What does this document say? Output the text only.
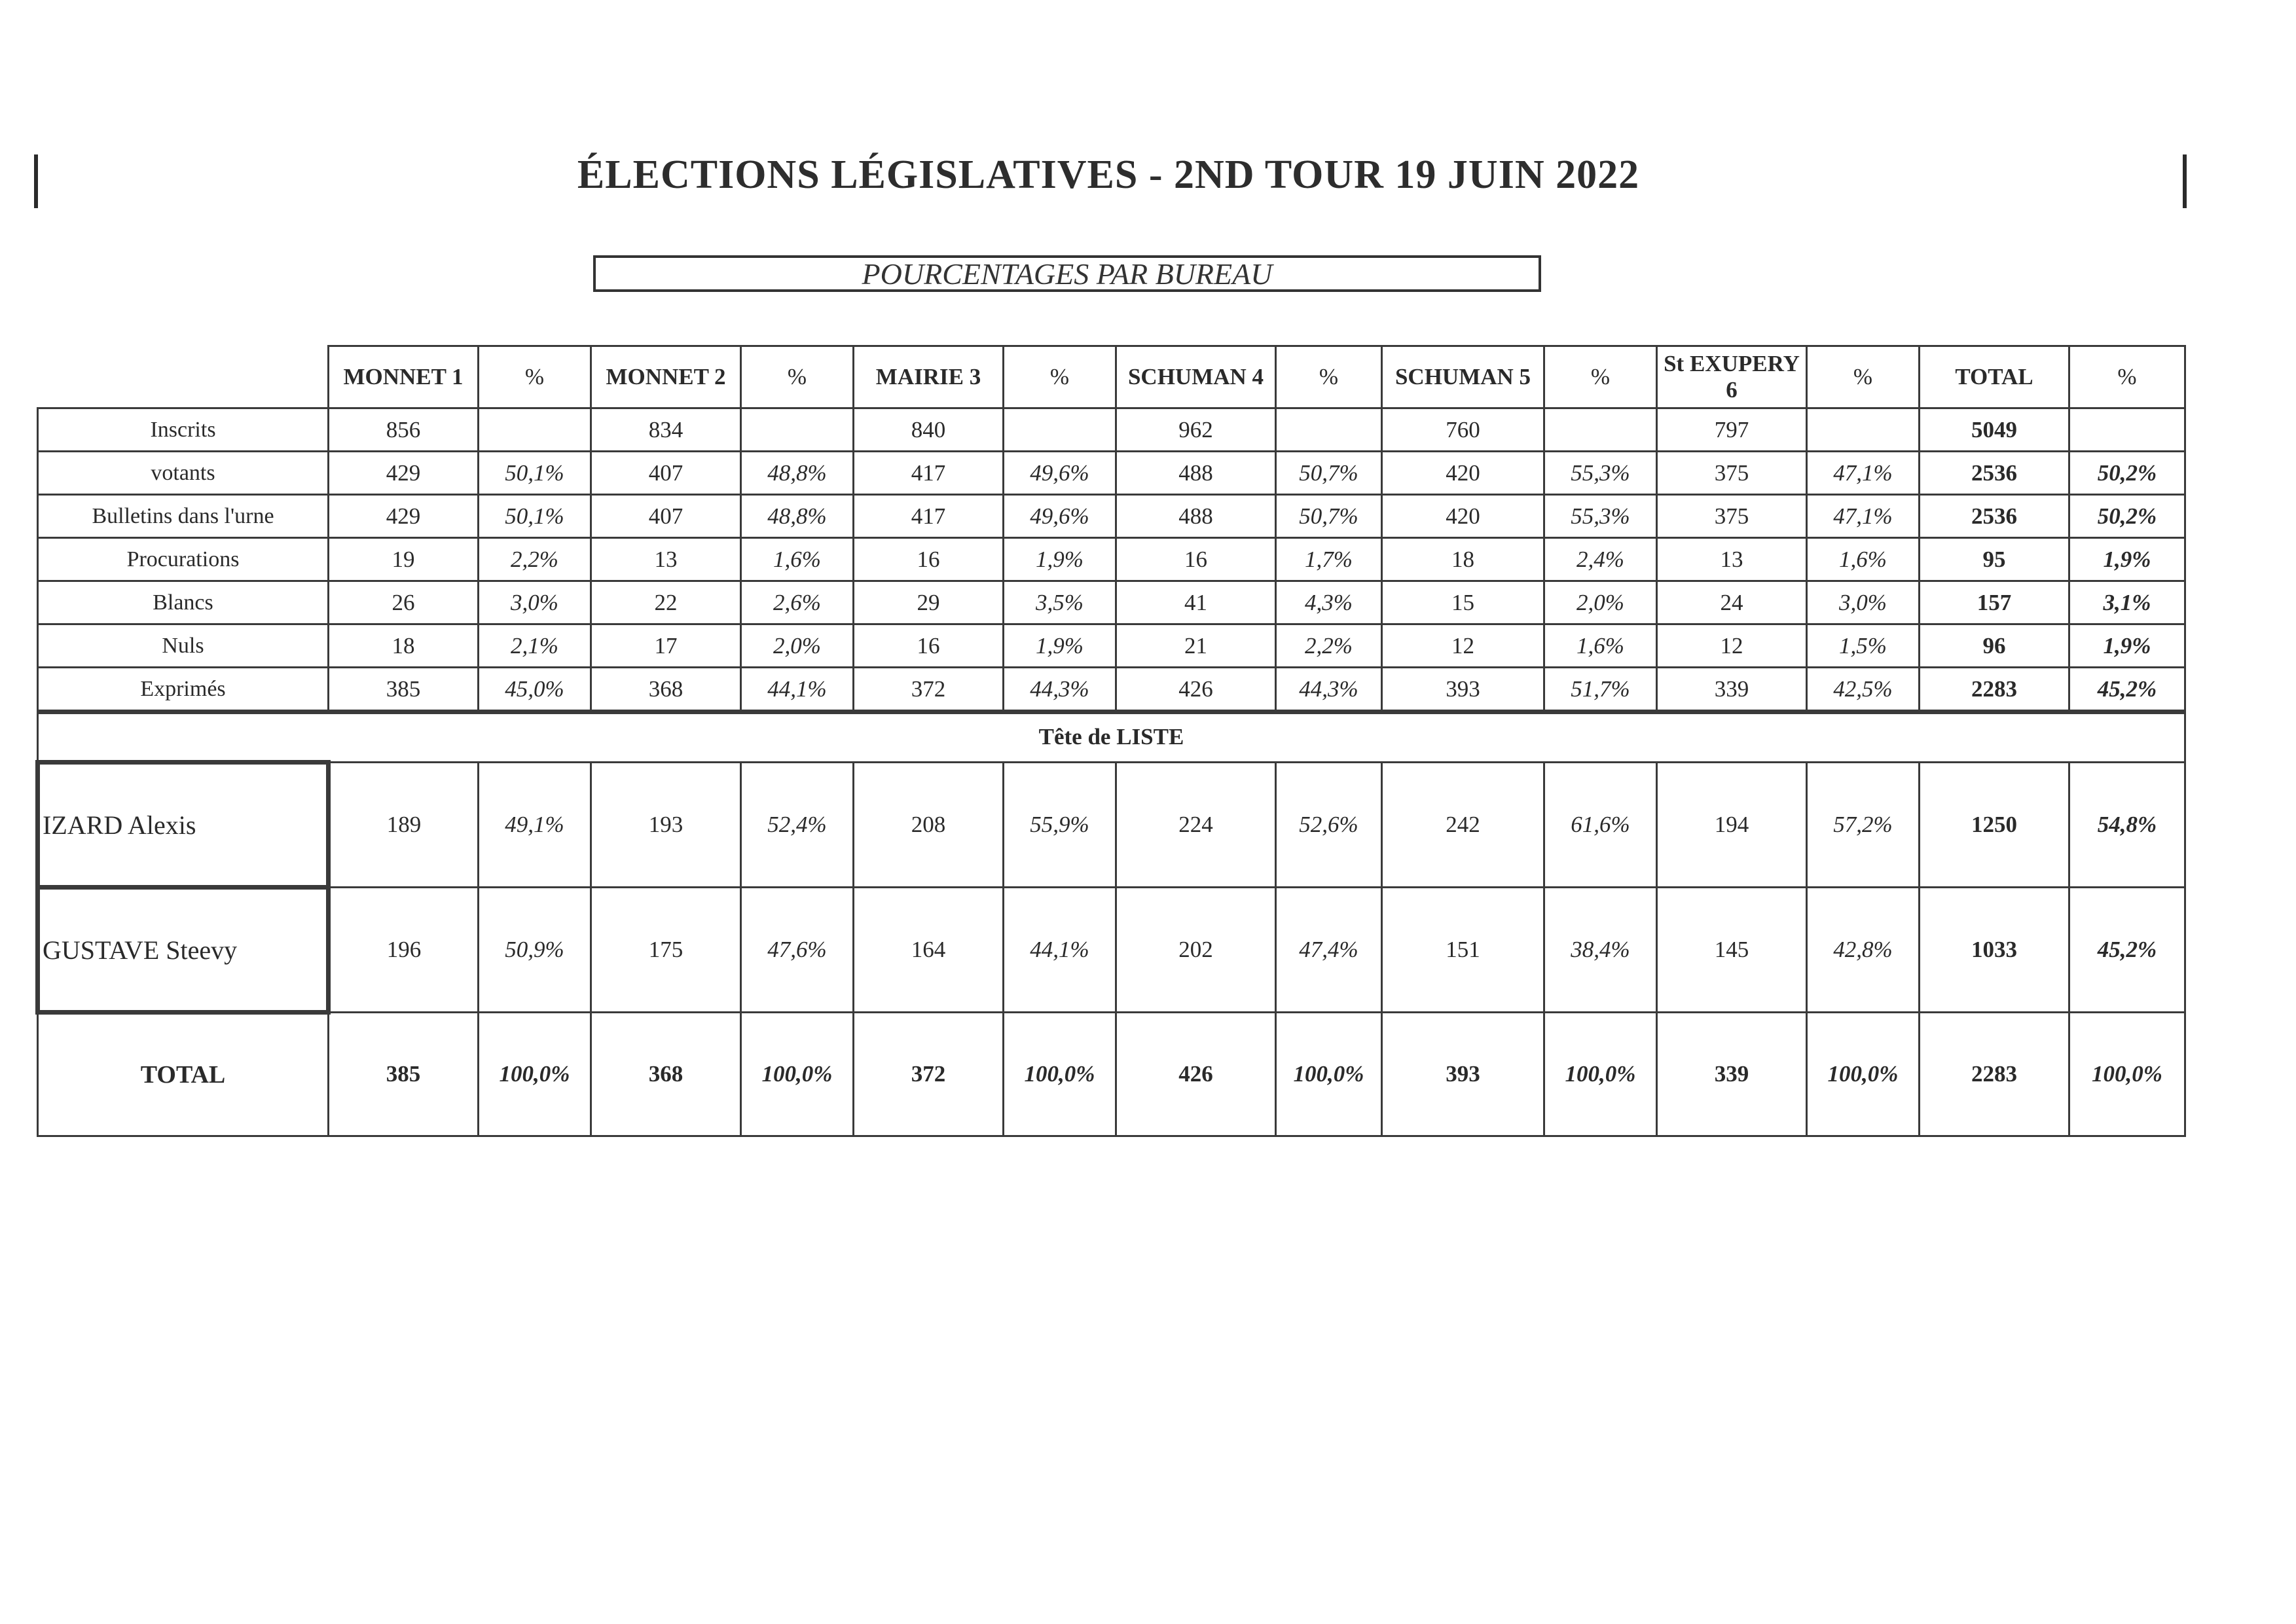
ÉLECTIONS LÉGISLATIVES - 2ND TOUR 19 JUIN 2022
POURCENTAGES PAR BUREAU
	MONNET 1	%	MONNET 2	%	MAIRIE 3	%	SCHUMAN 4	%	SCHUMAN 5	%	St EXUPERY 6	%	TOTAL	%
Inscrits	856		834		840		962		760		797		5049	
votants	429	50,1%	407	48,8%	417	49,6%	488	50,7%	420	55,3%	375	47,1%	2536	50,2%
Bulletins dans l'urne	429	50,1%	407	48,8%	417	49,6%	488	50,7%	420	55,3%	375	47,1%	2536	50,2%
Procurations	19	2,2%	13	1,6%	16	1,9%	16	1,7%	18	2,4%	13	1,6%	95	1,9%
Blancs	26	3,0%	22	2,6%	29	3,5%	41	4,3%	15	2,0%	24	3,0%	157	3,1%
Nuls	18	2,1%	17	2,0%	16	1,9%	21	2,2%	12	1,6%	12	1,5%	96	1,9%
Exprimés	385	45,0%	368	44,1%	372	44,3%	426	44,3%	393	51,7%	339	42,5%	2283	45,2%
Tête de LISTE														
IZARD Alexis	189	49,1%	193	52,4%	208	55,9%	224	52,6%	242	61,6%	194	57,2%	1250	54,8%
GUSTAVE Steevy	196	50,9%	175	47,6%	164	44,1%	202	47,4%	151	38,4%	145	42,8%	1033	45,2%
TOTAL	385	100,0%	368	100,0%	372	100,0%	426	100,0%	393	100,0%	339	100,0%	2283	100,0%
